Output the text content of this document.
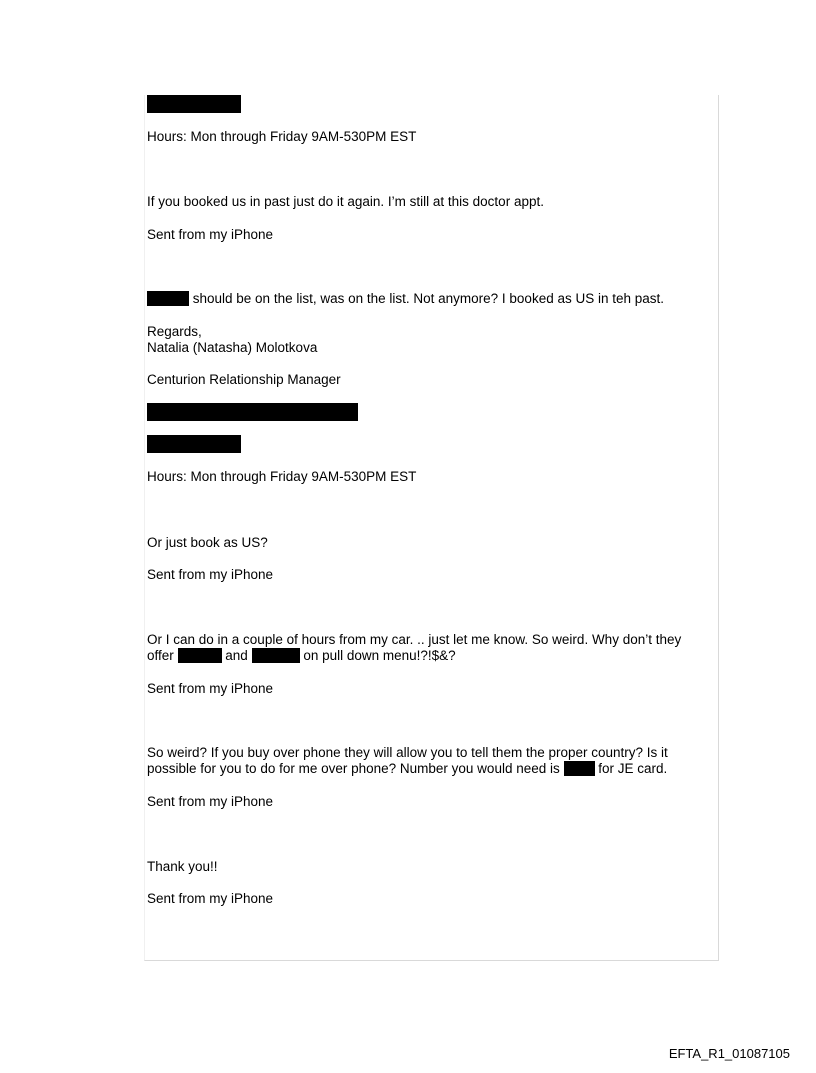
Hours: Mon through Friday 9AM-530PM EST
If you booked us in past just do it again. I’m still at this doctor appt.
Sent from my iPhone
should be on the list, was on the list. Not anymore? I booked as US in teh past.
Regards,
Natalia (Natasha) Molotkova
Centurion Relationship Manager
Hours: Mon through Friday 9AM-530PM EST
Or just book as US?
Sent from my iPhone
Or I can do in a couple of hours from my car. .. just let me know. So weird. Why don’t they
offer	and	on pull down menu!?!$&?
Sent from my iPhone
So weird? If you buy over phone they will allow you to tell them the proper country? Is it
possible for you to do for me over phone? Number you would need is  for JE card.
Sent from my iPhone
Thank you!!
Sent from my iPhone
EFTA_R1_01087105
